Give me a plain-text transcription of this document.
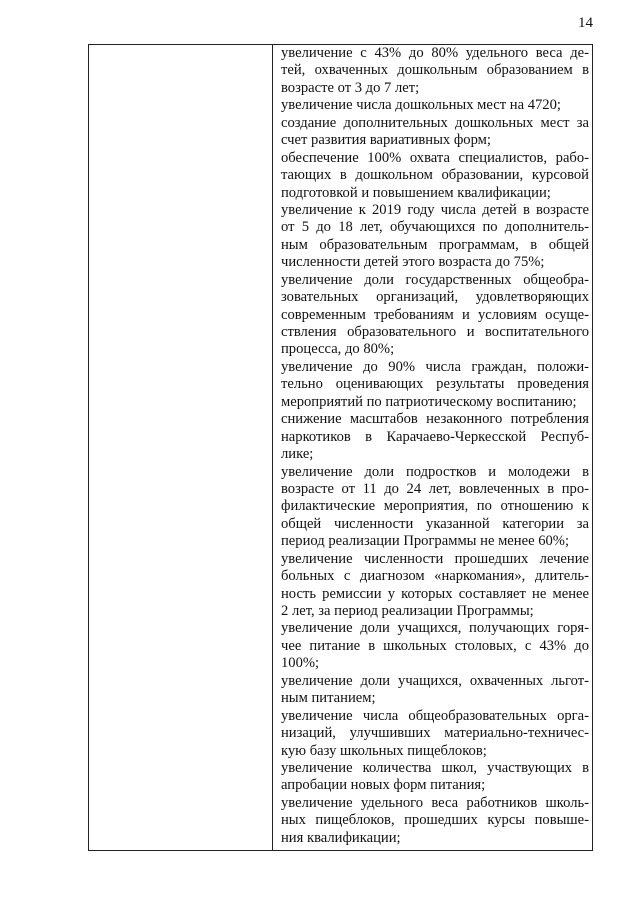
14
увеличение с 43% до 80% удельного веса де-
тей, охваченных дошкольным образованием в
возрасте от 3 до 7 лет;
увеличение числа дошкольных мест на 4720;
создание дополнительных дошкольных мест за
счет развития вариативных форм;
обеспечение 100% охвата специалистов, рабо-
тающих в дошкольном образовании, курсовой
подготовкой и повышением квалификации;
увеличение к 2019 году числа детей в возрасте
от 5 до 18 лет, обучающихся по дополнитель-
ным образовательным программам, в общей
численности детей этого возраста до 75%;
увеличение доли государственных общеобра-
зовательных организаций, удовлетворяющих
современным требованиям и условиям осуще-
ствления образовательного и воспитательного
процесса, до 80%;
увеличение до 90% числа граждан, положи-
тельно оценивающих результаты проведения
мероприятий по патриотическому воспитанию;
снижение масштабов незаконного потребления
наркотиков в Карачаево-Черкесской Респуб-
лике;
увеличение доли подростков и молодежи в
возрасте от 11 до 24 лет, вовлеченных в про-
филактические мероприятия, по отношению к
общей численности указанной категории за
период реализации Программы не менее 60%;
увеличение численности прошедших лечение
больных с диагнозом «наркомания», длитель-
ность ремиссии у которых составляет не менее
2 лет, за период реализации Программы;
увеличение доли учащихся, получающих горя-
чее питание в школьных столовых, с 43% до
100%;
увеличение доли учащихся, охваченных льгот-
ным питанием;
увеличение числа общеобразовательных орга-
низаций, улучшивших материально-техничес-
кую базу школьных пищеблоков;
увеличение количества школ, участвующих в
апробации новых форм питания;
увеличение удельного веса работников школь-
ных пищеблоков, прошедших курсы повыше-
ния квалификации;
